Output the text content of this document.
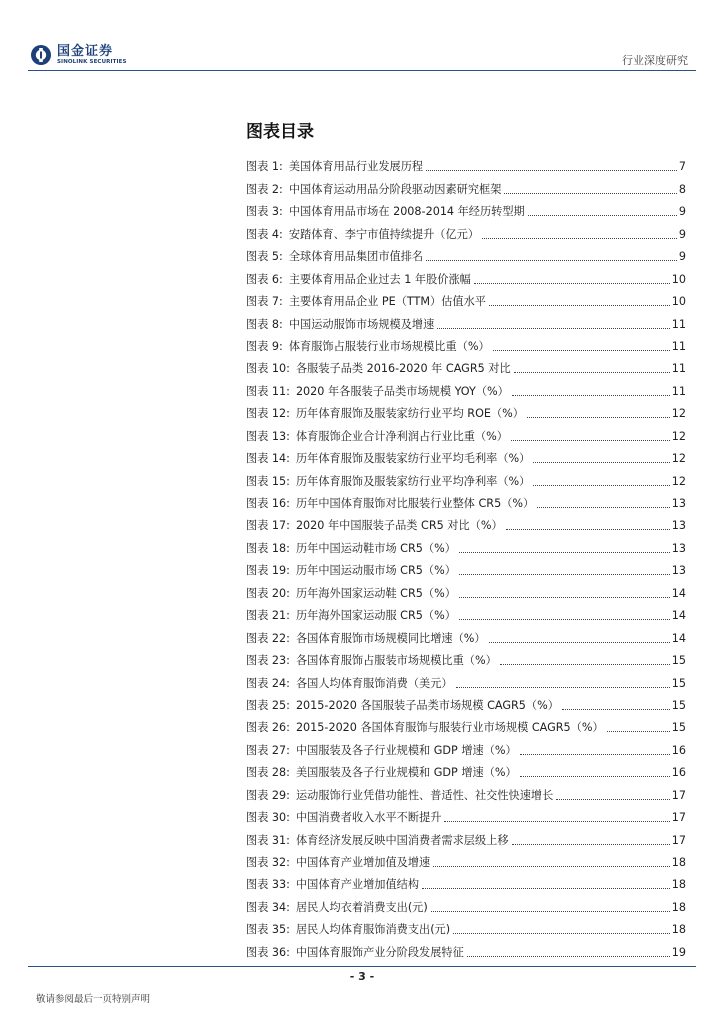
国金证券
SINOLINK SECURITIES	行业深度研究
图表目录
图表 1: 美国体育用品行业发展历程	7
图表 2: 中国体育运动用品分阶段驱动因素研究框架	8
图表 3: 中国体育用品市场在 2008-2014 年经历转型期	9
图表 4: 安踏体育、李宁市值持续提升（亿元）	9
图表 5: 全球体育用品集团市值排名	9
图表 6: 主要体育用品企业过去 1 年股价涨幅	10
图表 7: 主要体育用品企业 PE（TTM）估值水平	10
图表 8: 中国运动服饰市场规模及增速	11
图表 9: 体育服饰占服装行业市场规模比重（%）	11
图表 10: 各服装子品类 2016-2020 年 CAGR5 对比	11
图表 11: 2020 年各服装子品类市场规模 YOY（%）	11
图表 12: 历年体育服饰及服装家纺行业平均 ROE（%）	12
图表 13: 体育服饰企业合计净利润占行业比重（%）	12
图表 14: 历年体育服饰及服装家纺行业平均毛利率（%）	12
图表 15: 历年体育服饰及服装家纺行业平均净利率（%）	12
图表 16: 历年中国体育服饰对比服装行业整体 CR5（%）	13
图表 17: 2020 年中国服装子品类 CR5 对比（%）	13
图表 18: 历年中国运动鞋市场 CR5（%）	13
图表 19: 历年中国运动服市场 CR5（%）	13
图表 20: 历年海外国家运动鞋 CR5（%）	14
图表 21: 历年海外国家运动服 CR5（%）	14
图表 22: 各国体育服饰市场规模同比增速（%）	14
图表 23: 各国体育服饰占服装市场规模比重（%）	15
图表 24: 各国人均体育服饰消费（美元）	15
图表 25: 2015-2020 各国服装子品类市场规模 CAGR5（%）	15
图表 26: 2015-2020 各国体育服饰与服装行业市场规模 CAGR5（%）	15
图表 27: 中国服装及各子行业规模和 GDP 增速（%）	16
图表 28: 美国服装及各子行业规模和 GDP 增速（%）	16
图表 29: 运动服饰行业凭借功能性、普适性、社交性快速增长	17
图表 30: 中国消费者收入水平不断提升	17
图表 31: 体育经济发展反映中国消费者需求层级上移	17
图表 32: 中国体育产业增加值及增速	18
图表 33: 中国体育产业增加值结构	18
图表 34: 居民人均衣着消费支出(元)	18
图表 35: 居民人均体育服饰消费支出(元)	18
图表 36: 中国体育服饰产业分阶段发展特征	19
- 3 -
敬请参阅最后一页特别声明
